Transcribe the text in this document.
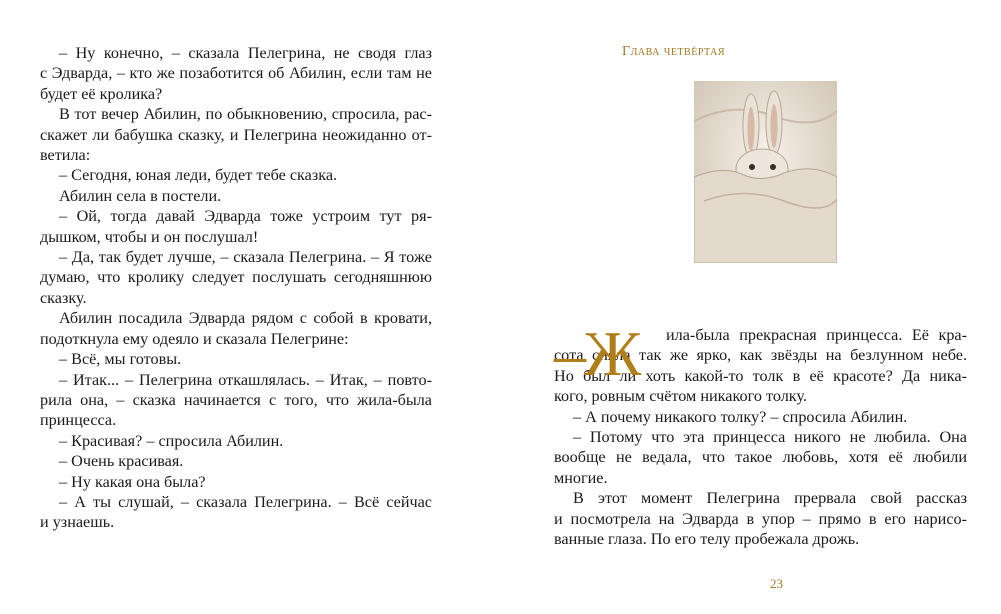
– Ну конечно, – сказала Пелегрина, не сводя глаз
с Эдварда, – кто же позаботится об Абилин, если там не
будет её кролика?
В тот вечер Абилин, по обыкновению, спросила, рас-
скажет ли бабушка сказку, и Пелегрина неожиданно от-
ветила:
– Сегодня, юная леди, будет тебе сказка.
Абилин села в постели.
– Ой, тогда давай Эдварда тоже устроим тут ря-
дышком, чтобы и он послушал!
– Да, так будет лучше, – сказала Пелегрина. – Я тоже
думаю, что кролику следует послушать сегодняшнюю
сказку.
Абилин посадила Эдварда рядом с собой в кровати,
подоткнула ему одеяло и сказала Пелегрине:
– Всё, мы готовы.
– Итак... – Пелегрина откашлялась. – Итак, – повто-
рила она, – сказка начинается с того, что жила-была
принцесса.
– Красивая? – спросила Абилин.
– Очень красивая.
– Ну какая она была?
– А ты слушай, – сказала Пелегрина. – Всё сейчас
и узнаешь.
Глава четвёртая
–Ж	ила-была прекрасная принцесса. Её кра-
сота сияла так же ярко, как звёзды на безлунном небе.
Но был ли хоть какой-то толк в её красоте? Да ника-
кого, ровным счётом никакого толку.
– А почему никакого толку? – спросила Абилин.
– Потому что эта принцесса никого не любила. Она
вообще не ведала, что такое любовь, хотя её любили
многие.
В этот момент Пелегрина прервала свой рассказ
и посмотрела на Эдварда в упор – прямо в его нарисо-
ванные глаза. По его телу пробежала дрожь.
23
